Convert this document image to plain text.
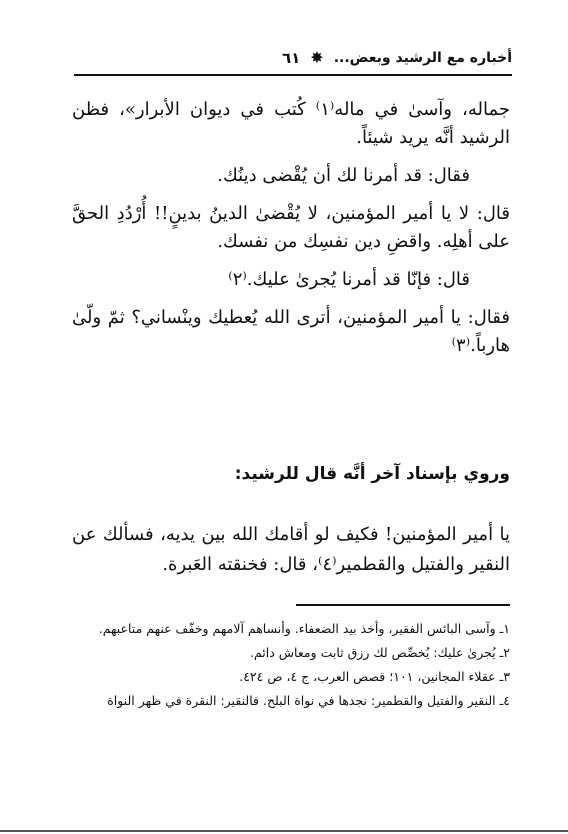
أخباره مع الرشيد وبعض...
✸
٦١

جماله، وآسىٰ في ماله⁽١⁾ كُتب في ديوان الأبرار»، فظن الرشيد أنَّه يريد شيئاً.

فقال: قد أمرنا لك أن يُقْضى دينُك.

قال: لا يا أمير المؤمنين، لا يُقْضىٰ الدينُ بدينٍ!! أُرْدُدِ الحقَّ على أهلِه. واقضِ دين نفسِك من نفسك.

قال: فإنّا قد أمرنا يُجرىٰ عليك.⁽٢⁾

فقال: يا أمير المؤمنين، أترى الله يُعطيك وينْساني؟ ثمّ ولّىٰ هارباً.⁽٣⁾

وروي بإسناد آخر أنَّه قال للرشيد:

يا أمير المؤمنين! فكيف لو أقامك الله بين يديه، فسألك عن النقير والفتيل والقطمير⁽٤⁾، قال: فخنقته العَبرة.

١ـ وآسى البائس الفقير، وأخذ بيد الضعفاء. وأنساهم آلامهم وخفّف عنهم متاعبهم.

٢ـ يُجرىٰ عليك: يُخصِّص لك رزق ثابت ومعاش دائم.

٣ـ عقلاء المجانين، ١٠١؛ قصص العرب، ج ٤، ص ٤٢٤.

٤ـ النقير والفتيل والقطمير: نجدها في نواة البلح. فالنقير: النقرة في ظهر النواة
